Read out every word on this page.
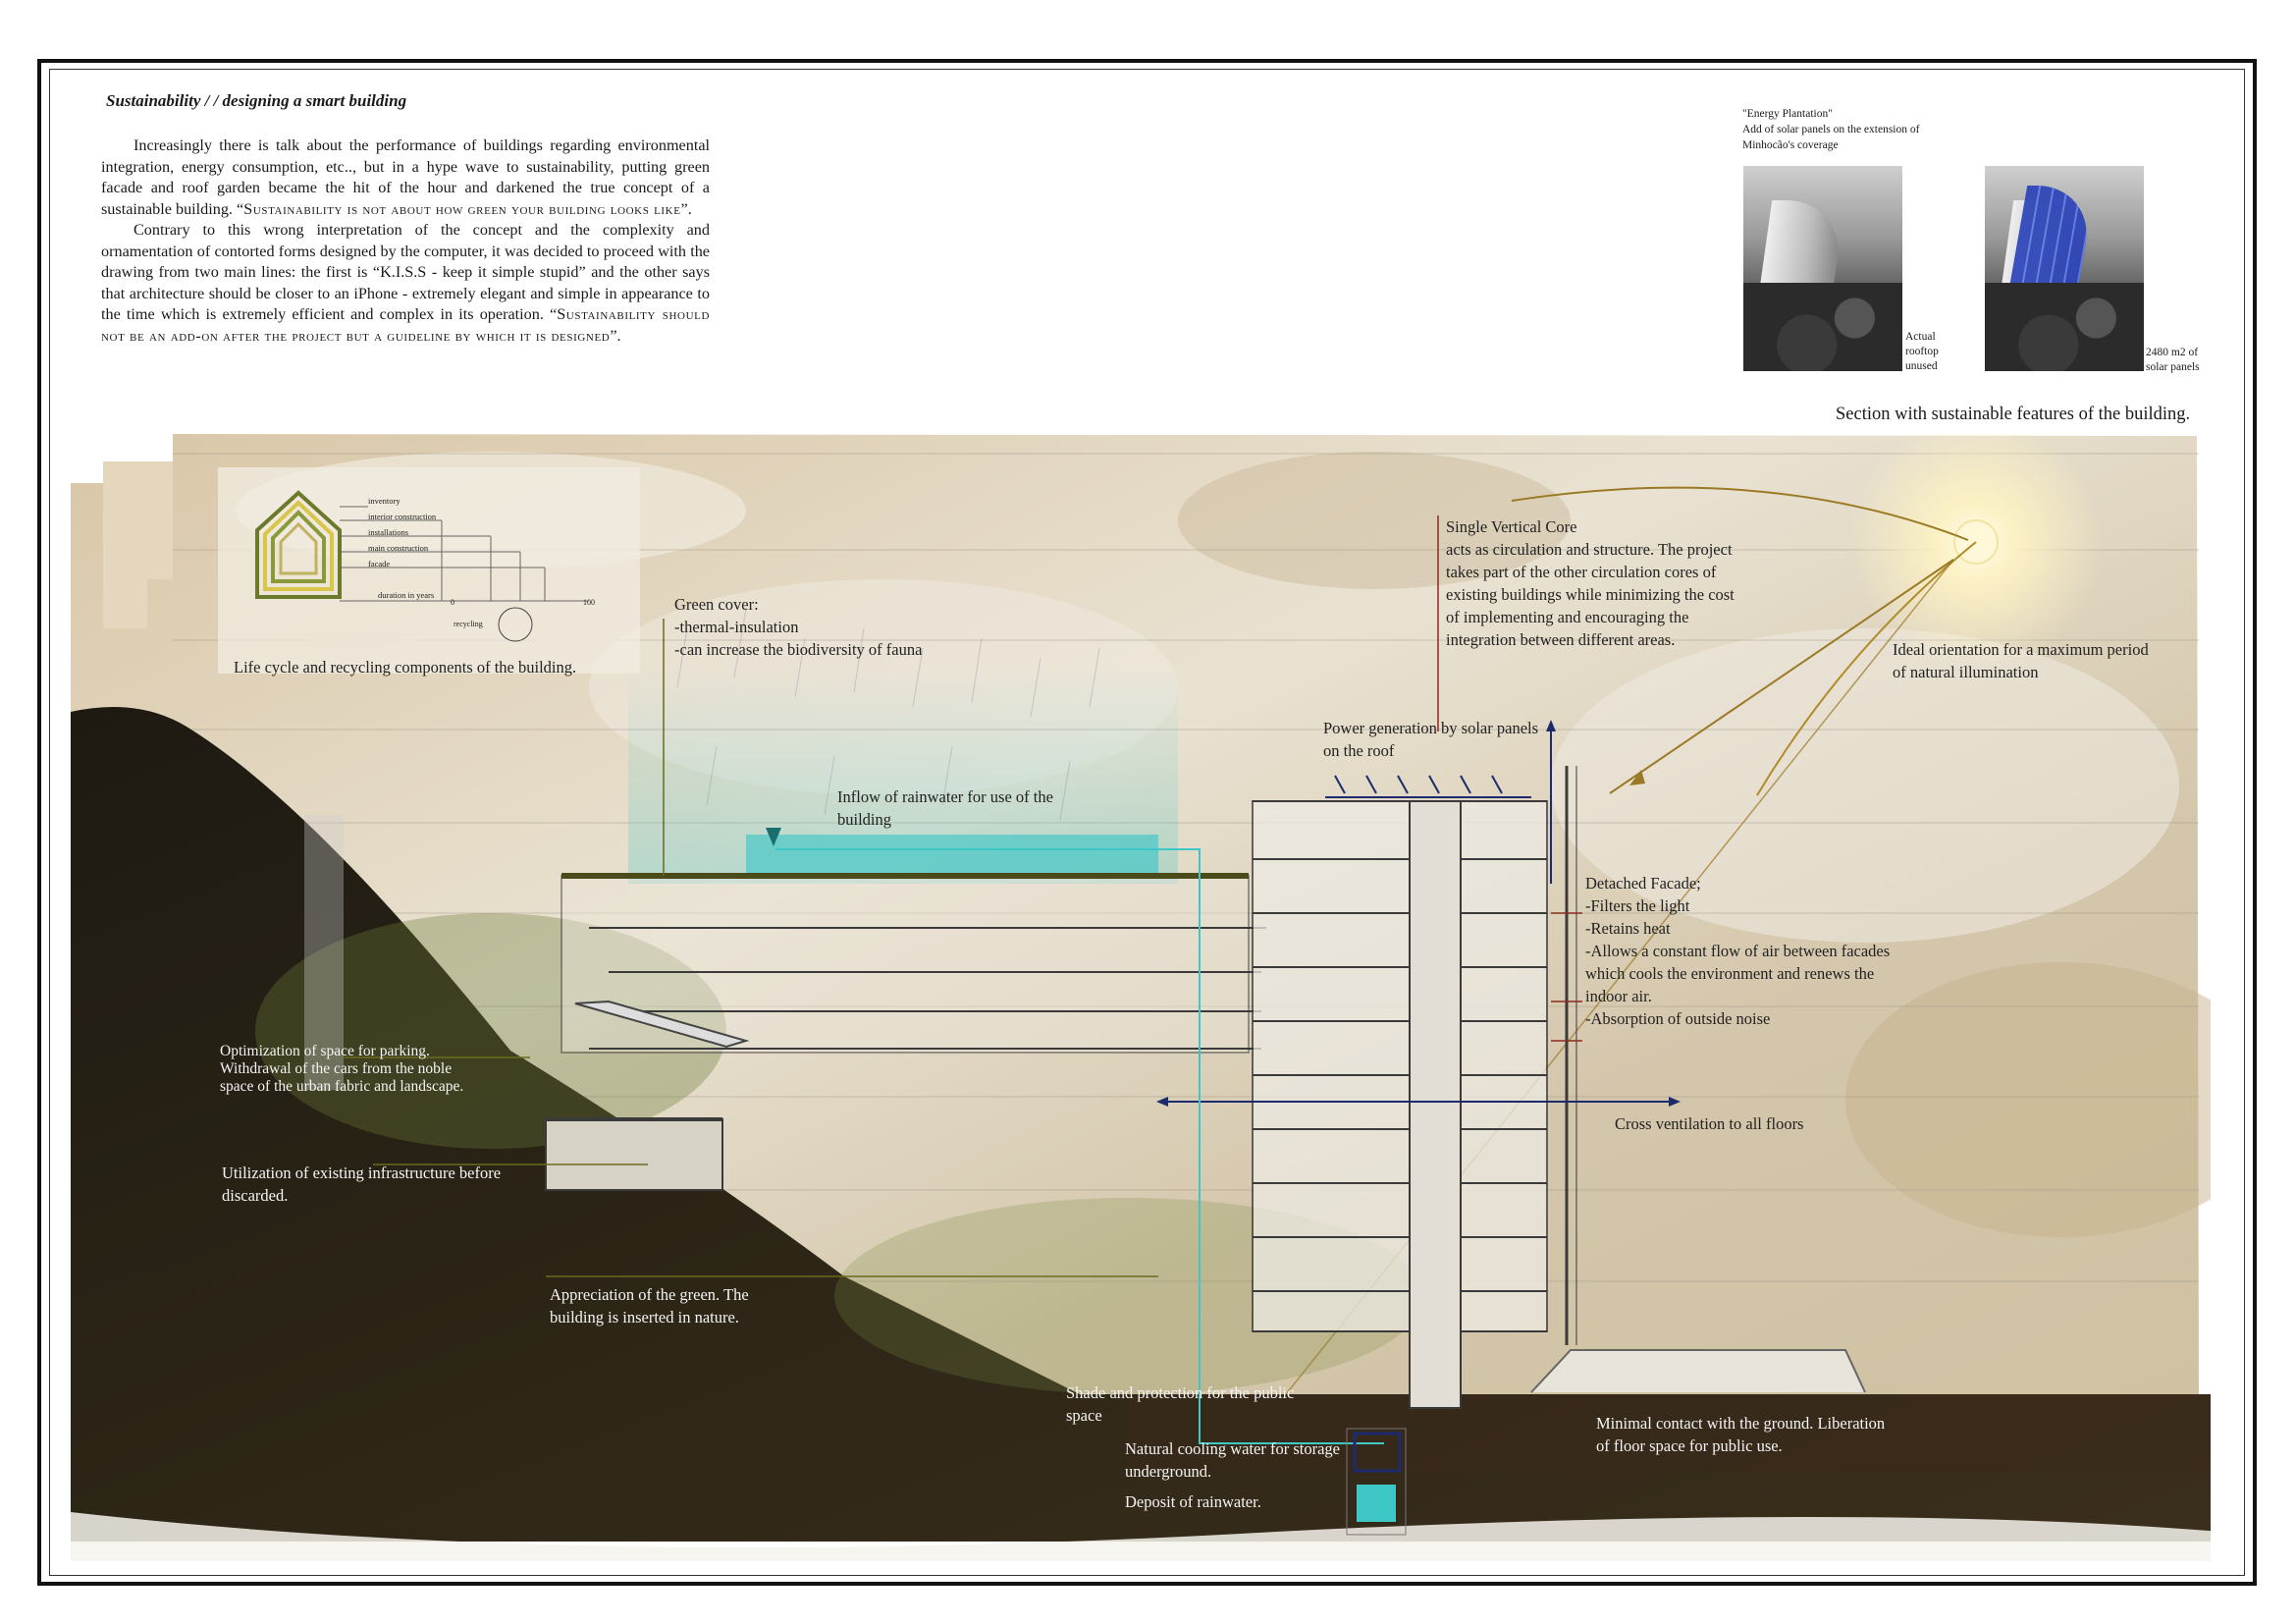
Sustainability / / designing a smart building

Increasingly there is talk about the performance of buildings regarding environmental integration, energy consumption, etc.., but in a hype wave to sustainability, putting green facade and roof garden became the hit of the hour and darkened the true concept of a sustainable building. “Sustainability is not about how green your building looks like”.

Contrary to this wrong interpretation of the concept and the complexity and ornamentation of contorted forms designed by the computer, it was decided to proceed with the drawing from two main lines: the first is “K.I.S.S - keep it simple stupid” and the other says that architecture should be closer to an iPhone - extremely elegant and simple in appearance to the time which is extremely efficient and complex in its operation. “Sustainability should not be an add-on after the project but a guideline by which it is designed”.

"Energy Plantation"
Add of solar panels on the extension of Minhocão's coverage
Actual rooftop unused
2480 m2 of solar panels
Section with sustainable features of the building.
Life cycle and recycling components of the building.
inventory
interior construction
installations
main construction
facade
duration in years
0	100
recycling
Green cover:
-thermal-insulation
-can increase the biodiversity of fauna
Single Vertical Core
acts as circulation and structure. The project takes part of the other circulation cores of existing buildings while minimizing the cost of implementing and encouraging the integration between different areas.
Ideal orientation for a maximum period of natural illumination
Power generation by solar panels on the roof
Inflow of rainwater for use of the building
Detached Facade;
-Filters the light
-Retains heat
-Allows a constant flow of air between facades which cools the environment and renews the indoor air.
-Absorption of outside noise
Cross ventilation to all floors
Optimization of space for parking. Withdrawal of the cars from the noble space of the urban fabric and landscape.
Utilization of existing infrastructure before discarded.
Appreciation of the green. The building is inserted in nature.
Shade and protection for the public space
Natural cooling water for storage underground.
Deposit of rainwater.
Minimal contact with the ground. Liberation of floor space for public use.
